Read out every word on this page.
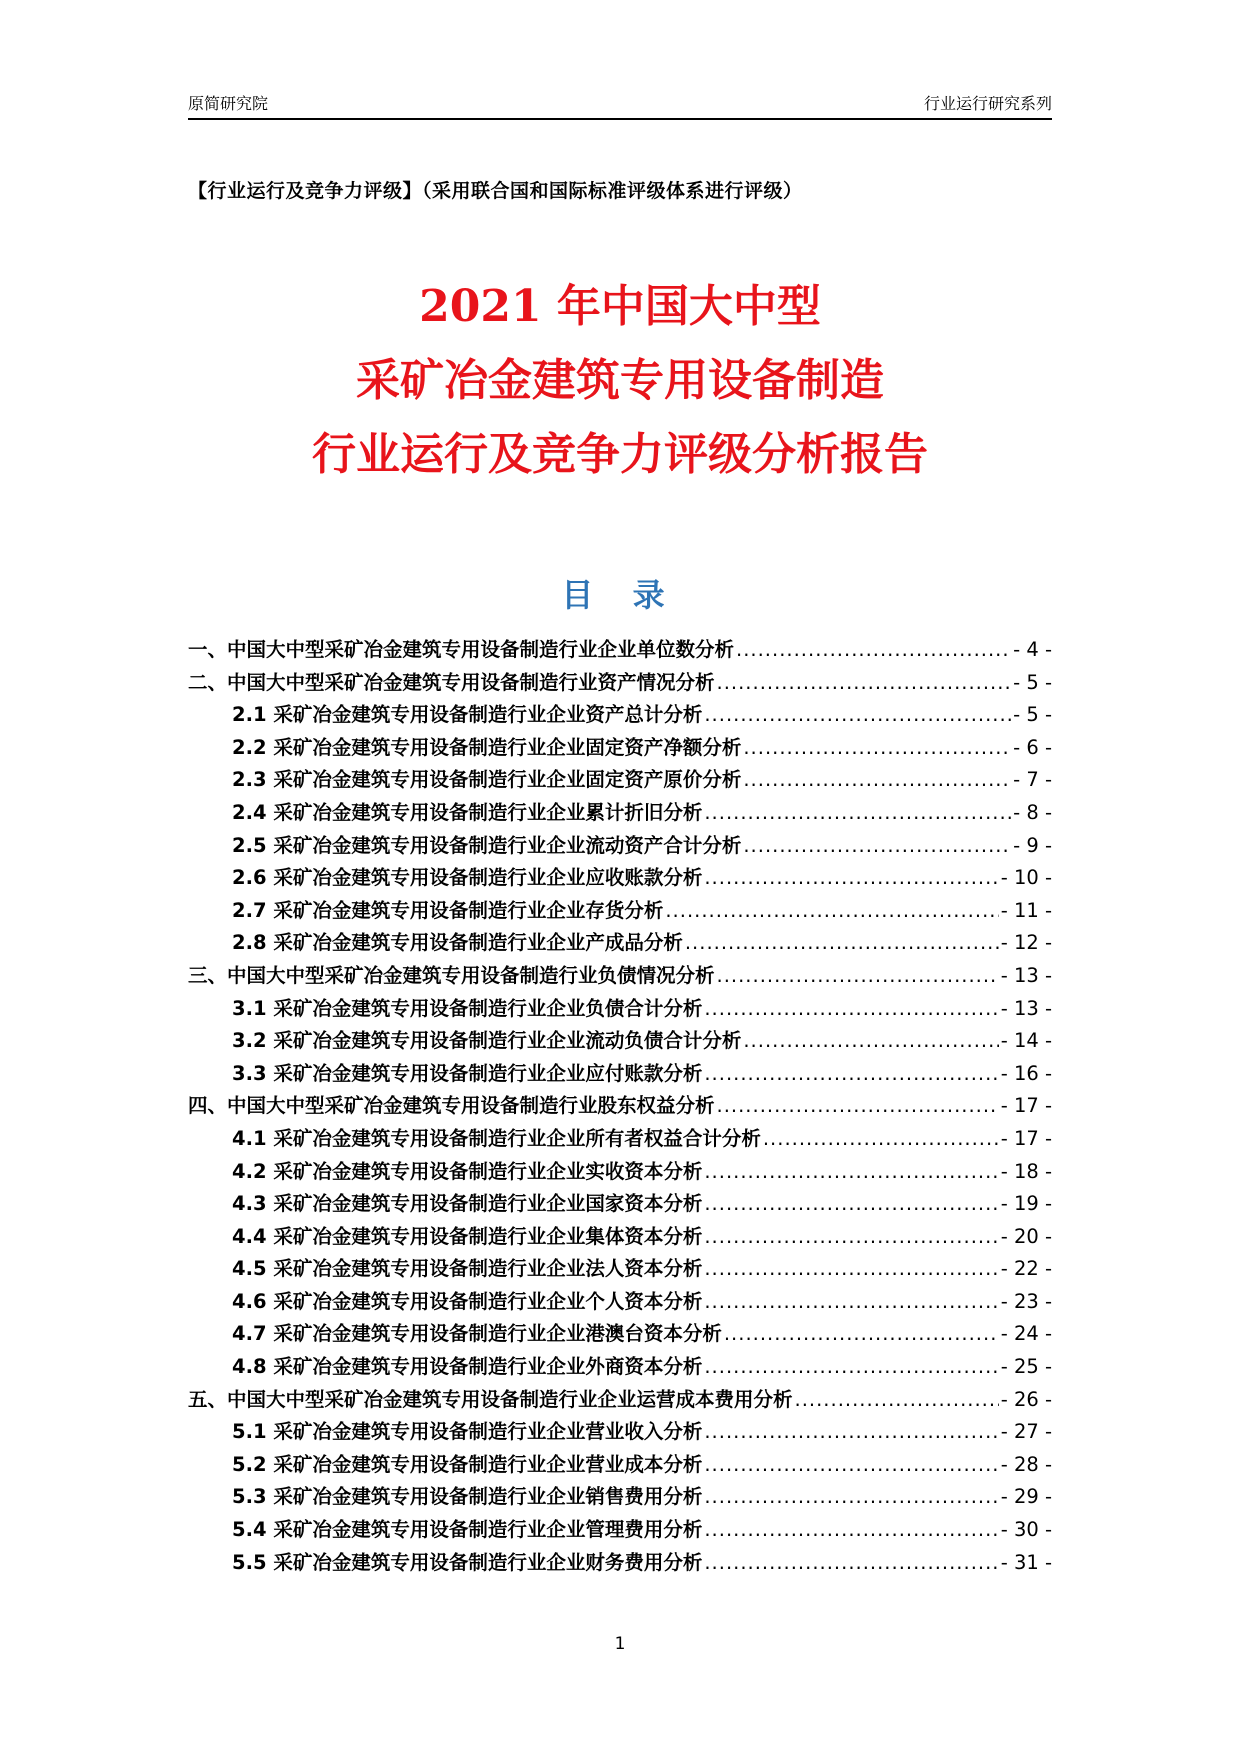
原简研究院	行业运行研究系列
【行业运行及竞争力评级】（采用联合国和国际标准评级体系进行评级）
2021 年中国大中型
采矿冶金建筑专用设备制造
行业运行及竞争力评级分析报告
目 录
一、中国大中型采矿冶金建筑专用设备制造行业企业单位数分析 .....	- 4 -
二、中国大中型采矿冶金建筑专用设备制造行业资产情况分析 .....	- 5 -
2.1 采矿冶金建筑专用设备制造行业企业资产总计分析 .....	- 5 -
2.2 采矿冶金建筑专用设备制造行业企业固定资产净额分析 .....	- 6 -
2.3 采矿冶金建筑专用设备制造行业企业固定资产原价分析 .....	- 7 -
2.4 采矿冶金建筑专用设备制造行业企业累计折旧分析 .....	- 8 -
2.5 采矿冶金建筑专用设备制造行业企业流动资产合计分析 .....	- 9 -
2.6 采矿冶金建筑专用设备制造行业企业应收账款分析 .....	- 10 -
2.7 采矿冶金建筑专用设备制造行业企业存货分析 .....	- 11 -
2.8 采矿冶金建筑专用设备制造行业企业产成品分析 .....	- 12 -
三、中国大中型采矿冶金建筑专用设备制造行业负债情况分析 .....	- 13 -
3.1 采矿冶金建筑专用设备制造行业企业负债合计分析 .....	- 13 -
3.2 采矿冶金建筑专用设备制造行业企业流动负债合计分析 .....	- 14 -
3.3 采矿冶金建筑专用设备制造行业企业应付账款分析 .....	- 16 -
四、中国大中型采矿冶金建筑专用设备制造行业股东权益分析 .....	- 17 -
4.1 采矿冶金建筑专用设备制造行业企业所有者权益合计分析 .....	- 17 -
4.2 采矿冶金建筑专用设备制造行业企业实收资本分析 .....	- 18 -
4.3 采矿冶金建筑专用设备制造行业企业国家资本分析 .....	- 19 -
4.4 采矿冶金建筑专用设备制造行业企业集体资本分析 .....	- 20 -
4.5 采矿冶金建筑专用设备制造行业企业法人资本分析 .....	- 22 -
4.6 采矿冶金建筑专用设备制造行业企业个人资本分析 .....	- 23 -
4.7 采矿冶金建筑专用设备制造行业企业港澳台资本分析 .....	- 24 -
4.8 采矿冶金建筑专用设备制造行业企业外商资本分析 .....	- 25 -
五、中国大中型采矿冶金建筑专用设备制造行业企业运营成本费用分析 .....	- 26 -
5.1 采矿冶金建筑专用设备制造行业企业营业收入分析 .....	- 27 -
5.2 采矿冶金建筑专用设备制造行业企业营业成本分析 .....	- 28 -
5.3 采矿冶金建筑专用设备制造行业企业销售费用分析 .....	- 29 -
5.4 采矿冶金建筑专用设备制造行业企业管理费用分析 .....	- 30 -
5.5 采矿冶金建筑专用设备制造行业企业财务费用分析 .....	- 31 -
1
